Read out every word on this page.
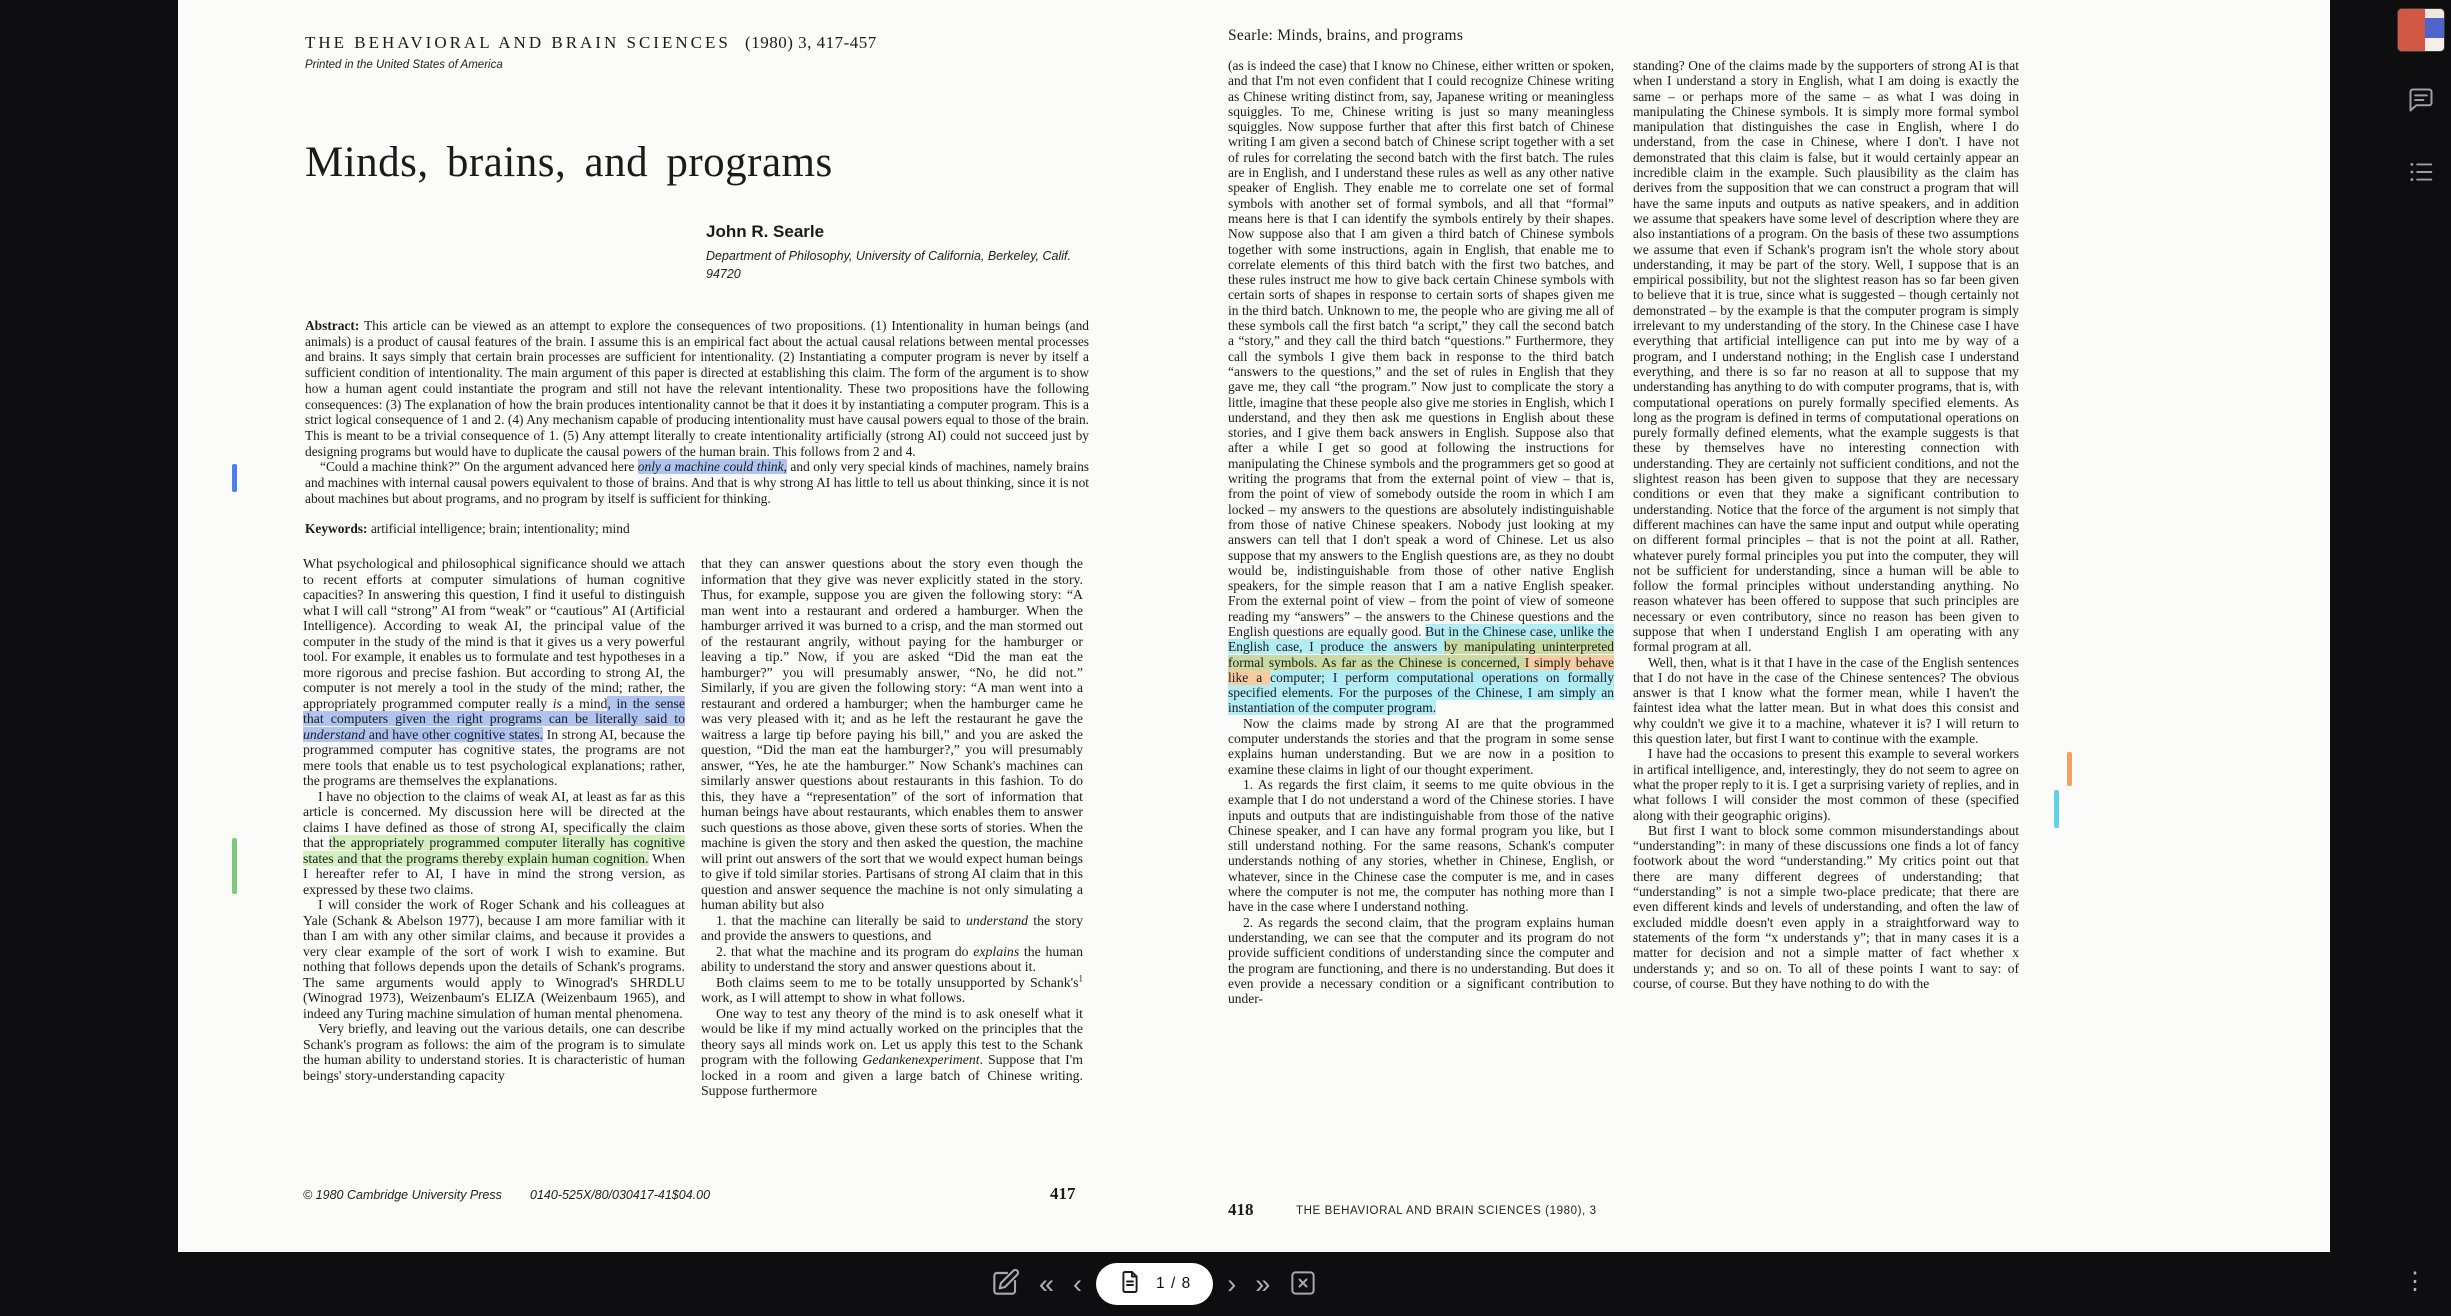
THE BEHAVIORAL AND BRAIN SCIENCES (1980) 3, 417-457
Printed in the United States of America
Minds, brains, and programs
John R. Searle
Department of Philosophy, University of California, Berkeley, Calif.
94720

Abstract: This article can be viewed as an attempt to explore the consequences of two propositions. (1) Intentionality in human beings (and animals) is a product of causal features of the brain. I assume this is an empirical fact about the actual causal relations between mental processes and brains. It says simply that certain brain processes are sufficient for intentionality. (2) Instantiating a computer program is never by itself a sufficient condition of intentionality. The main argument of this paper is directed at establishing this claim. The form of the argument is to show how a human agent could instantiate the program and still not have the relevant intentionality. These two propositions have the following consequences: (3) The explanation of how the brain produces intentionality cannot be that it does it by instantiating a computer program. This is a strict logical consequence of 1 and 2. (4) Any mechanism capable of producing intentionality must have causal powers equal to those of the brain. This is meant to be a trivial consequence of 1. (5) Any attempt literally to create intentionality artificially (strong AI) could not succeed just by designing programs but would have to duplicate the causal powers of the human brain. This follows from 2 and 4.

“Could a machine think?” On the argument advanced here only a machine could think, and only very special kinds of machines, namely brains and machines with internal causal powers equivalent to those of brains. And that is why strong AI has little to tell us about thinking, since it is not about machines but about programs, and no program by itself is sufficient for thinking.

Keywords: artificial intelligence; brain; intentionality; mind

What psychological and philosophical significance should we attach to recent efforts at computer simulations of human cognitive capacities? In answering this question, I find it useful to distinguish what I will call “strong” AI from “weak” or “cautious” AI (Artificial Intelligence). According to weak AI, the principal value of the computer in the study of the mind is that it gives us a very powerful tool. For example, it enables us to formulate and test hypotheses in a more rigorous and precise fashion. But according to strong AI, the computer is not merely a tool in the study of the mind; rather, the appropriately programmed computer really is a mind, in the sense that computers given the right programs can be literally said to understand and have other cognitive states. In strong AI, because the programmed computer has cognitive states, the programs are not mere tools that enable us to test psychological explanations; rather, the programs are themselves the explanations.

I have no objection to the claims of weak AI, at least as far as this article is concerned. My discussion here will be directed at the claims I have defined as those of strong AI, specifically the claim that the appropriately programmed computer literally has cognitive states and that the programs thereby explain human cognition. When I hereafter refer to AI, I have in mind the strong version, as expressed by these two claims.

I will consider the work of Roger Schank and his colleagues at Yale (Schank & Abelson 1977), because I am more familiar with it than I am with any other similar claims, and because it provides a very clear example of the sort of work I wish to examine. But nothing that follows depends upon the details of Schank's programs. The same arguments would apply to Winograd's SHRDLU (Winograd 1973), Weizenbaum's ELIZA (Weizenbaum 1965), and indeed any Turing machine simulation of human mental phenomena.

Very briefly, and leaving out the various details, one can describe Schank's program as follows: the aim of the program is to simulate the human ability to understand stories. It is characteristic of human beings' story-understanding capacity

that they can answer questions about the story even though the information that they give was never explicitly stated in the story. Thus, for example, suppose you are given the following story: “A man went into a restaurant and ordered a hamburger. When the hamburger arrived it was burned to a crisp, and the man stormed out of the restaurant angrily, without paying for the hamburger or leaving a tip.” Now, if you are asked “Did the man eat the hamburger?” you will presumably answer, “No, he did not.” Similarly, if you are given the following story: “A man went into a restaurant and ordered a hamburger; when the hamburger came he was very pleased with it; and as he left the restaurant he gave the waitress a large tip before paying his bill,” and you are asked the question, “Did the man eat the hamburger?,” you will presumably answer, “Yes, he ate the hamburger.” Now Schank's machines can similarly answer questions about restaurants in this fashion. To do this, they have a “representation” of the sort of information that human beings have about restaurants, which enables them to answer such questions as those above, given these sorts of stories. When the machine is given the story and then asked the question, the machine will print out answers of the sort that we would expect human beings to give if told similar stories. Partisans of strong AI claim that in this question and answer sequence the machine is not only simulating a human ability but also

1. that the machine can literally be said to understand the story and provide the answers to questions, and

2. that what the machine and its program do explains the human ability to understand the story and answer questions about it.

Both claims seem to me to be totally unsupported by $Schank's^1$ work, as I will attempt to show in what follows.

One way to test any theory of the mind is to ask oneself what it would be like if my mind actually worked on the principles that the theory says all minds work on. Let us apply this test to the Schank program with the following Gedankenexperiment. Suppose that I'm locked in a room and given a large batch of Chinese writing. Suppose furthermore

© 1980 Cambridge University Press 0140-525X/80/030417-41$04.00	417
Searle: Minds, brains, and programs

(as is indeed the case) that I know no Chinese, either written or spoken, and that I'm not even confident that I could recognize Chinese writing as Chinese writing distinct from, say, Japanese writing or meaningless squiggles. To me, Chinese writing is just so many meaningless squiggles. Now suppose further that after this first batch of Chinese writing I am given a second batch of Chinese script together with a set of rules for correlating the second batch with the first batch. The rules are in English, and I understand these rules as well as any other native speaker of English. They enable me to correlate one set of formal symbols with another set of formal symbols, and all that “formal” means here is that I can identify the symbols entirely by their shapes. Now suppose also that I am given a third batch of Chinese symbols together with some instructions, again in English, that enable me to correlate elements of this third batch with the first two batches, and these rules instruct me how to give back certain Chinese symbols with certain sorts of shapes in response to certain sorts of shapes given me in the third batch. Unknown to me, the people who are giving me all of these symbols call the first batch “a script,” they call the second batch a “story,” and they call the third batch “questions.” Furthermore, they call the symbols I give them back in response to the third batch “answers to the questions,” and the set of rules in English that they gave me, they call “the program.” Now just to complicate the story a little, imagine that these people also give me stories in English, which I understand, and they then ask me questions in English about these stories, and I give them back answers in English. Suppose also that after a while I get so good at following the instructions for manipulating the Chinese symbols and the programmers get so good at writing the programs that from the external point of view – that is, from the point of view of somebody outside the room in which I am locked – my answers to the questions are absolutely indistinguishable from those of native Chinese speakers. Nobody just looking at my answers can tell that I don't speak a word of Chinese. Let us also suppose that my answers to the English questions are, as they no doubt would be, indistinguishable from those of other native English speakers, for the simple reason that I am a native English speaker. From the external point of view – from the point of view of someone reading my “answers” – the answers to the Chinese questions and the English questions are equally good. But in the Chinese case, unlike the English case, I produce the answers by manipulating uninterpreted formal symbols. As far as the Chinese is concerned, I simply behave like a computer; I perform computational operations on formally specified elements. For the purposes of the Chinese, I am simply an instantiation of the computer program.

Now the claims made by strong AI are that the programmed computer understands the stories and that the program in some sense explains human understanding. But we are now in a position to examine these claims in light of our thought experiment.

1. As regards the first claim, it seems to me quite obvious in the example that I do not understand a word of the Chinese stories. I have inputs and outputs that are indistinguishable from those of the native Chinese speaker, and I can have any formal program you like, but I still understand nothing. For the same reasons, Schank's computer understands nothing of any stories, whether in Chinese, English, or whatever, since in the Chinese case the computer is me, and in cases where the computer is not me, the computer has nothing more than I have in the case where I understand nothing.

2. As regards the second claim, that the program explains human understanding, we can see that the computer and its program do not provide sufficient conditions of understanding since the computer and the program are functioning, and there is no understanding. But does it even provide a necessary condition or a significant contribution to under-

standing? One of the claims made by the supporters of strong AI is that when I understand a story in English, what I am doing is exactly the same – or perhaps more of the same – as what I was doing in manipulating the Chinese symbols. It is simply more formal symbol manipulation that distinguishes the case in English, where I do understand, from the case in Chinese, where I don't. I have not demonstrated that this claim is false, but it would certainly appear an incredible claim in the example. Such plausibility as the claim has derives from the supposition that we can construct a program that will have the same inputs and outputs as native speakers, and in addition we assume that speakers have some level of description where they are also instantiations of a program. On the basis of these two assumptions we assume that even if Schank's program isn't the whole story about understanding, it may be part of the story. Well, I suppose that is an empirical possibility, but not the slightest reason has so far been given to believe that it is true, since what is suggested – though certainly not demonstrated – by the example is that the computer program is simply irrelevant to my understanding of the story. In the Chinese case I have everything that artificial intelligence can put into me by way of a program, and I understand nothing; in the English case I understand everything, and there is so far no reason at all to suppose that my understanding has anything to do with computer programs, that is, with computational operations on purely formally specified elements. As long as the program is defined in terms of computational operations on purely formally defined elements, what the example suggests is that these by themselves have no interesting connection with understanding. They are certainly not sufficient conditions, and not the slightest reason has been given to suppose that they are necessary conditions or even that they make a significant contribution to understanding. Notice that the force of the argument is not simply that different machines can have the same input and output while operating on different formal principles – that is not the point at all. Rather, whatever purely formal principles you put into the computer, they will not be sufficient for understanding, since a human will be able to follow the formal principles without understanding anything. No reason whatever has been offered to suppose that such principles are necessary or even contributory, since no reason has been given to suppose that when I understand English I am operating with any formal program at all.

Well, then, what is it that I have in the case of the English sentences that I do not have in the case of the Chinese sentences? The obvious answer is that I know what the former mean, while I haven't the faintest idea what the latter mean. But in what does this consist and why couldn't we give it to a machine, whatever it is? I will return to this question later, but first I want to continue with the example.

I have had the occasions to present this example to several workers in artifical intelligence, and, interestingly, they do not seem to agree on what the proper reply to it is. I get a surprising variety of replies, and in what follows I will consider the most common of these (specified along with their geographic origins).

But first I want to block some common misunderstandings about “understanding”: in many of these discussions one finds a lot of fancy footwork about the word “understanding.” My critics point out that there are many different degrees of understanding; that “understanding” is not a simple two-place predicate; that there are even different kinds and levels of understanding, and often the law of excluded middle doesn't even apply in a straightforward way to statements of the form “x understands y”; that in many cases it is a matter for decision and not a simple matter of fact whether x understands y; and so on. To all of these points I want to say: of course, of course. But they have nothing to do with the

418	THE BEHAVIORAL AND BRAIN SCIENCES (1980), 3
« ‹	1 / 8 › »	⋮
